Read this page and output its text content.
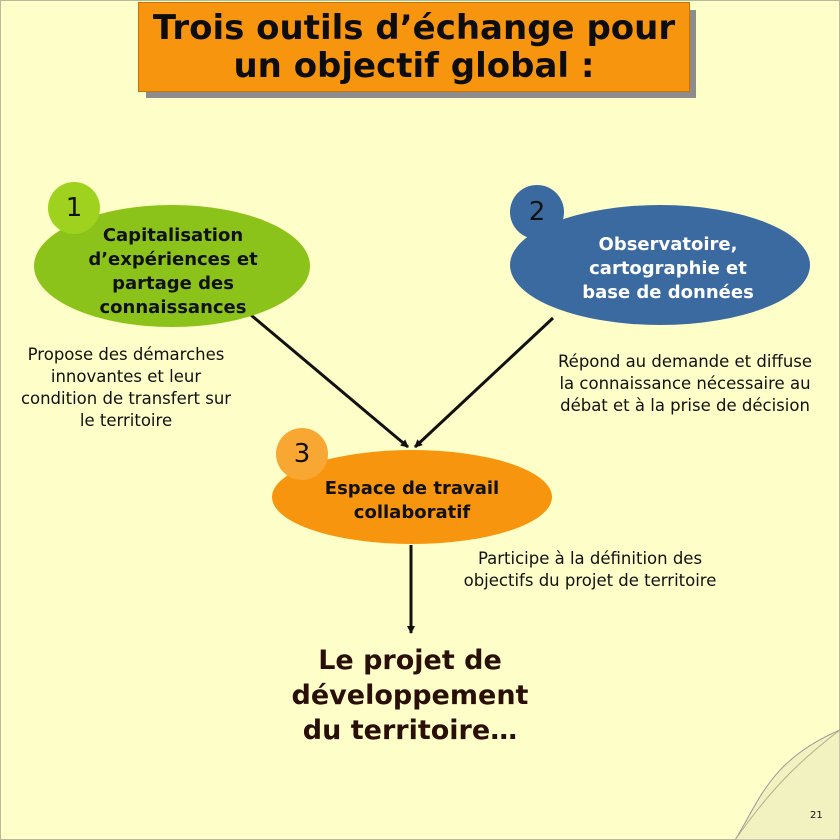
Trois outils d’échange pour
un objectif global :
1
Capitalisation
d’expériences et
partage des
connaissances
Propose des démarches
innovantes et leur
condition de transfert sur
le territoire
2
Observatoire,
cartographie et
base de données
Répond au demande et diffuse
la connaissance nécessaire au
débat et à la prise de décision
3
Espace de travail
collaboratif
Participe à la définition des
objectifs du projet de territoire
Le projet de
développement
du territoire…
21
